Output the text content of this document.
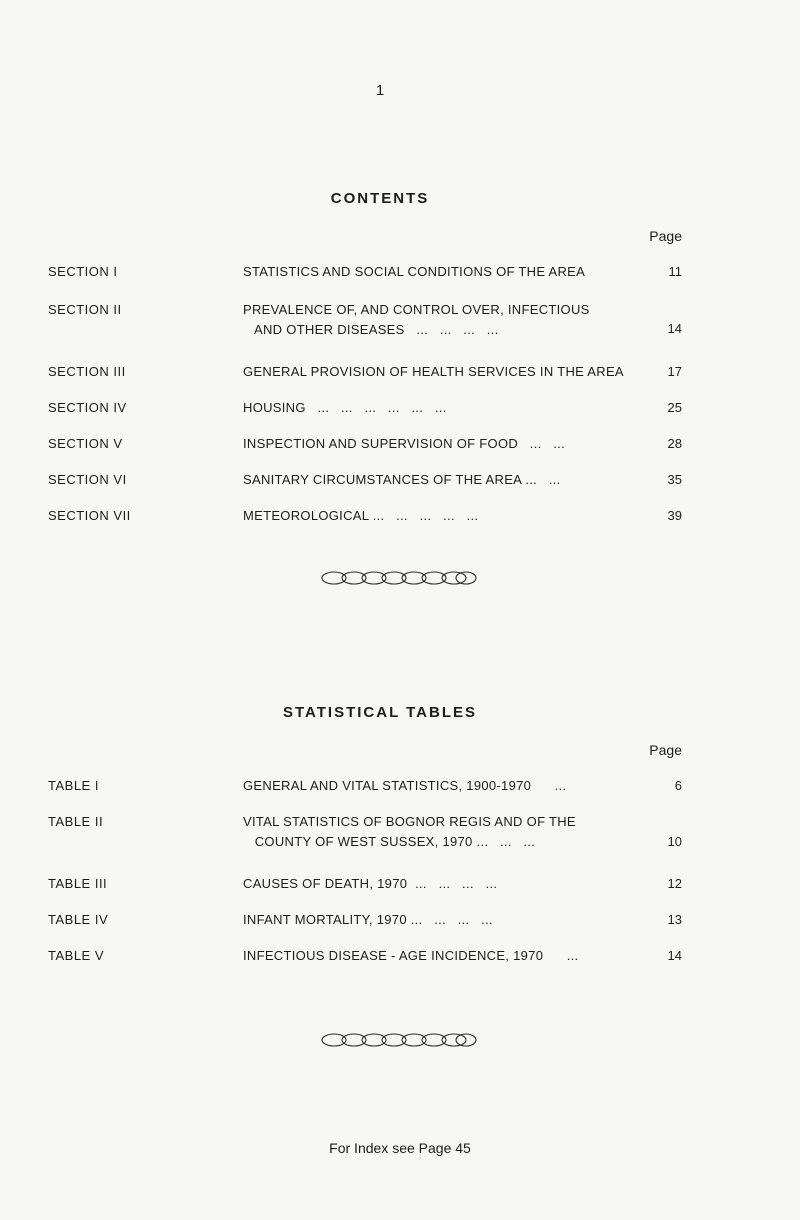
1
CONTENTS
Page
SECTION I	STATISTICS AND SOCIAL CONDITIONS OF THE AREA	11
SECTION II	PREVALENCE OF, AND CONTROL OVER, INFECTIOUS
AND OTHER DISEASES   ...   ...   ...   ...	14
SECTION III	GENERAL PROVISION OF HEALTH SERVICES IN THE AREA	17
SECTION IV	HOUSING   ...   ...   ...   ...   ...   ...	25
SECTION V	INSPECTION AND SUPERVISION OF FOOD   ...   ...	28
SECTION VI	SANITARY CIRCUMSTANCES OF THE AREA ...   ...	35
SECTION VII	METEOROLOGICAL ...   ...   ...   ...   ...	39
STATISTICAL TABLES
Page
TABLE I	GENERAL AND VITAL STATISTICS, 1900-1970      ...	6
TABLE II	VITAL STATISTICS OF BOGNOR REGIS AND OF THE
COUNTY OF WEST SUSSEX, 1970 ...   ...   ...	10
TABLE III	CAUSES OF DEATH, 1970  ...   ...   ...   ...	12
TABLE IV	INFANT MORTALITY, 1970 ...   ...   ...   ...	13
TABLE V	INFECTIOUS DISEASE - AGE INCIDENCE, 1970      ...	14
For Index see Page 45
